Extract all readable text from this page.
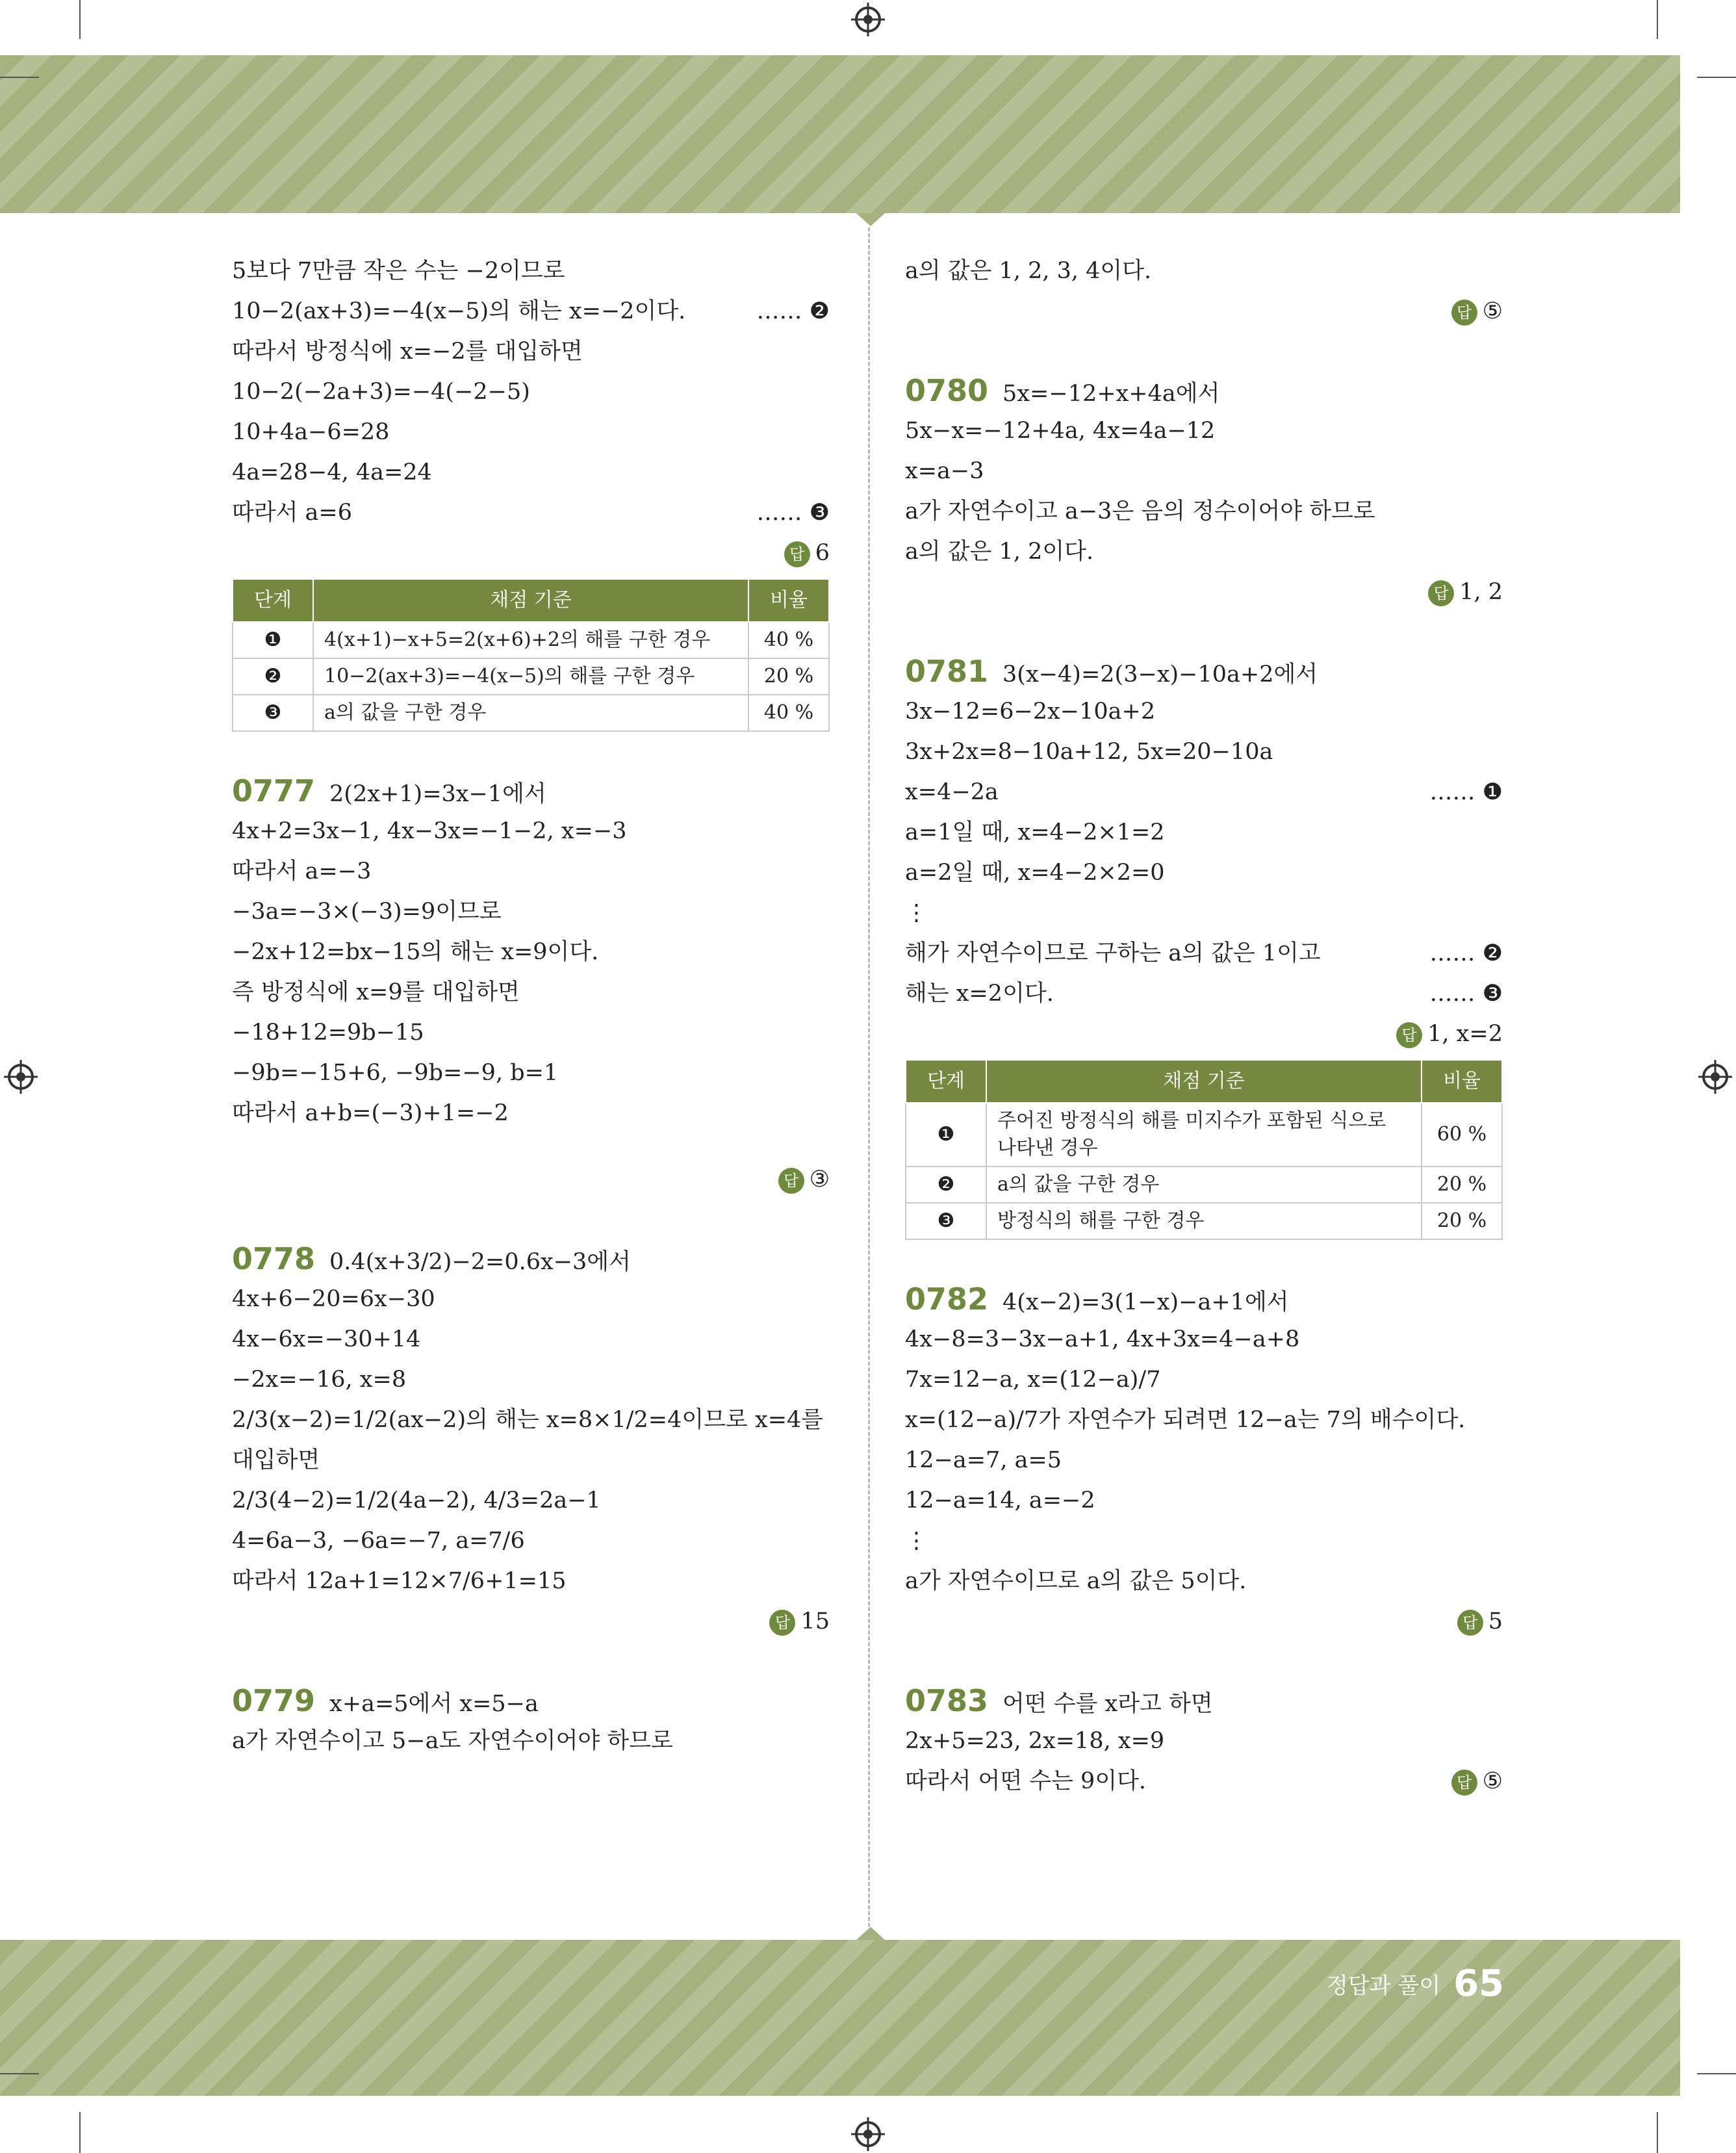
5보다 7만큼 작은 수는 −2이므로
10−2(ax+3)=−4(x−5)의 해는 x=−2이다.	…… ❷
따라서 방정식에 x=−2를 대입하면
10−2(−2a+3)=−4(−2−5)
10+4a−6=28
4a=28−4, 4a=24
따라서 a=6	…… ❸
답 6
단계	채점 기준	비율
❶	4(x+1)−x+5=2(x+6)+2의 해를 구한 경우	40 %
❷	10−2(ax+3)=−4(x−5)의 해를 구한 경우	20 %
❸	a의 값을 구한 경우	40 %
0777 2(2x+1)=3x−1에서
4x+2=3x−1, 4x−3x=−1−2, x=−3
따라서 a=−3
−3a=−3×(−3)=9이므로
−2x+12=bx−15의 해는 x=9이다.
즉 방정식에 x=9를 대입하면
−18+12=9b−15
−9b=−15+6, −9b=−9, b=1
따라서 a+b=(−3)+1=−2
답 ③
0778 0.4(x+3/2)−2=0.6x−3에서
4x+6−20=6x−30
4x−6x=−30+14
−2x=−16, x=8
2/3(x−2)=1/2(ax−2)의 해는 x=8×1/2=4이므로 x=4를
대입하면
2/3(4−2)=1/2(4a−2), 4/3=2a−1
4=6a−3, −6a=−7, a=7/6
따라서 12a+1=12×7/6+1=15
답 15
0779 x+a=5에서 x=5−a
a가 자연수이고 5−a도 자연수이어야 하므로
a의 값은 1, 2, 3, 4이다.
답 ⑤
0780 5x=−12+x+4a에서
5x−x=−12+4a, 4x=4a−12
x=a−3
a가 자연수이고 a−3은 음의 정수이어야 하므로
a의 값은 1, 2이다.
답 1, 2
0781 3(x−4)=2(3−x)−10a+2에서
3x−12=6−2x−10a+2
3x+2x=8−10a+12, 5x=20−10a
x=4−2a	…… ❶
a=1일 때, x=4−2×1=2
a=2일 때, x=4−2×2=0
⋮
해가 자연수이므로 구하는 a의 값은 1이고	…… ❷
해는 x=2이다.	…… ❸
답 1, x=2
단계	채점 기준	비율
❶	주어진 방정식의 해를 미지수가 포함된 식으로 나타낸 경우	60 %
❷	a의 값을 구한 경우	20 %
❸	방정식의 해를 구한 경우	20 %
0782 4(x−2)=3(1−x)−a+1에서
4x−8=3−3x−a+1, 4x+3x=4−a+8
7x=12−a, x=(12−a)/7
x=(12−a)/7가 자연수가 되려면 12−a는 7의 배수이다.
12−a=7, a=5
12−a=14, a=−2
⋮
a가 자연수이므로 a의 값은 5이다.
답 5
0783 어떤 수를 x라고 하면
2x+5=23, 2x=18, x=9
따라서 어떤 수는 9이다.	답 ⑤
정답과 풀이 65
